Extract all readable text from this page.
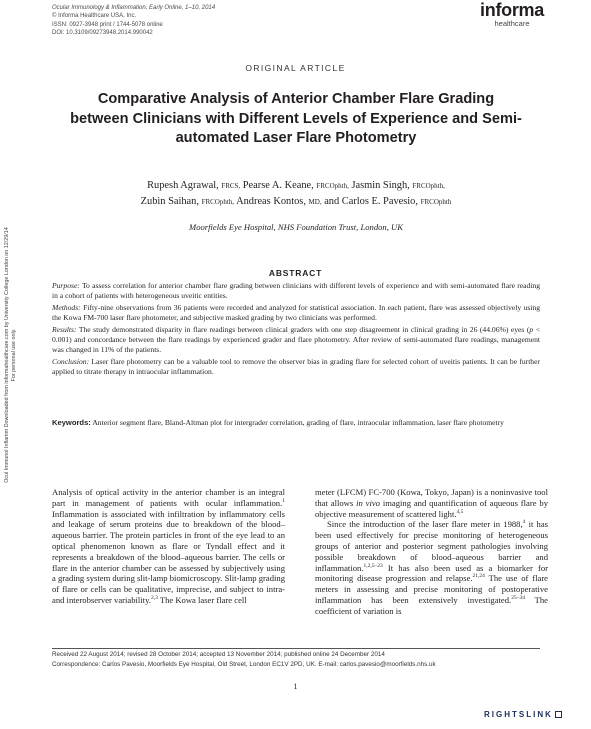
Ocular Immunology & Inflammation, Early Online, 1–10, 2014
© Informa Healthcare USA, Inc.
ISSN: 0927-3948 print / 1744-5078 online
DOI: 10.3109/09273948.2014.990042
informa
healthcare
Ocul Immunol Inflamm Downloaded from informahealthcare.com by University College London on 12/29/14 For personal use only.
ORIGINAL ARTICLE
Comparative Analysis of Anterior Chamber Flare Grading between Clinicians with Different Levels of Experience and Semi-automated Laser Flare Photometry
Rupesh Agrawal, FRCS, Pearse A. Keane, FRCOphth, Jasmin Singh, FRCOphth,
Zubin Saihan, FRCOphth, Andreas Kontos, MD, and Carlos E. Pavesio, FRCOphth
Moorfields Eye Hospital, NHS Foundation Trust, London, UK
ABSTRACT

Purpose: To assess correlation for anterior chamber flare grading between clinicians with different levels of experience and with semi-automated flare reading in a cohort of patients with heterogeneous uveitic entities.

Methods: Fifty-nine observations from 36 patients were recorded and analyzed for statistical association. In each patient, flare was assessed objectively using the Kowa FM-700 laser flare photometer, and subjective masked grading by two clinicians was performed.

Results: The study demonstrated disparity in flare readings between clinical graders with one step disagreement in clinical grading in 26 (44.06%) eyes (p < 0.001) and concordance between the flare readings by experienced grader and flare photometry. After review of semi-automated flare readings, management was changed in 11% of the patients.

Conclusion: Laser flare photometry can be a valuable tool to remove the observer bias in grading flare for selected cohort of uveitis patients. It can be further applied to titrate therapy in intraocular inflammation.

Keywords: Anterior segment flare, Bland-Altman plot for intergrader correlation, grading of flare, intraocular inflammation, laser flare photometry

Analysis of optical activity in the anterior chamber is an integral part in management of patients with ocular inflammation.$^1$ Inflammation is associated with infiltration by inflammatory cells and leakage of serum proteins due to breakdown of the blood–aqueous barrier. The protein particles in front of the eye lead to an optical phenomenon known as flare or Tyndall effect and it represents a breakdown of the blood–aqueous barrier. The cells or flare in the anterior chamber can be assessed by subjectively using a grading system during slit-lamp biomicroscopy. Slit-lamp grading of flare or cells can be qualitative, imprecise, and subject to intra- and interobserver variability.$^{2,3}$ The Kowa laser flare cell

meter (LFCM) FC-700 (Kowa, Tokyo, Japan) is a noninvasive tool that allows in vivo imaging and quantification of aqueous flare by objective measurement of scattered light.$^{4,5}$

Since the introduction of the laser flare meter in 1988,$^4$ it has been used effectively for precise monitoring of heterogeneous groups of anterior and posterior segment pathologies involving possible breakdown of blood–aqueous barrier and inflammation.$^{1,2,5-23}$ It has also been used as a biomarker for monitoring disease progression and relapse.$^{21,24}$ The use of flare meters in assessing and precise monitoring of postoperative inflammation has been extensively investigated.$^{25-34}$ The coefficient of variation is

Received 22 August 2014; revised 28 October 2014; accepted 13 November 2014; published online 24 December 2014
Correspondence: Carlos Pavesio, Moorfields Eye Hospital, Old Street, London EC1V 2PD, UK. E-mail: carlos.pavesio@moorfields.nhs.uk
1
RIGHTSLINK
